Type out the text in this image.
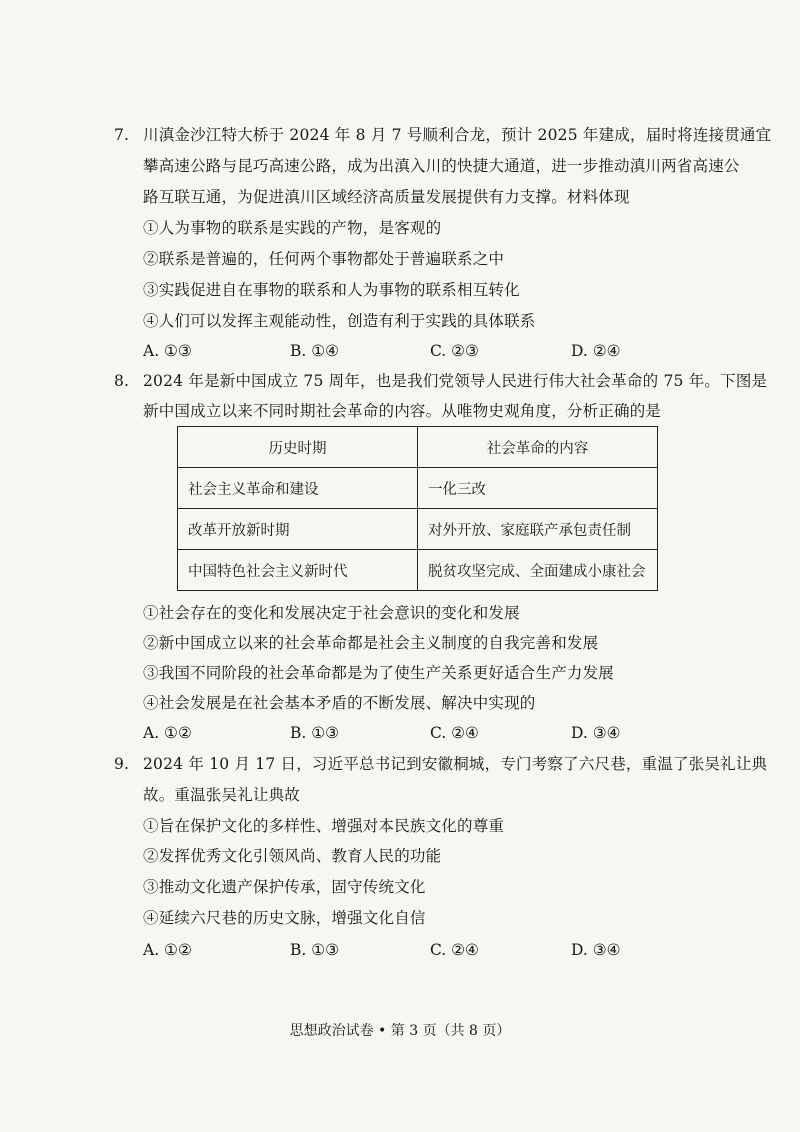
7. 川滇金沙江特大桥于 2024 年 8 月 7 号顺利合龙，预计 2025 年建成，届时将连接贯通宜
攀高速公路与昆巧高速公路，成为出滇入川的快捷大通道，进一步推动滇川两省高速公
路互联互通，为促进滇川区域经济高质量发展提供有力支撑。材料体现
①人为事物的联系是实践的产物，是客观的
②联系是普遍的，任何两个事物都处于普遍联系之中
③实践促进自在事物的联系和人为事物的联系相互转化
④人们可以发挥主观能动性，创造有利于实践的具体联系
A. ①③	B. ①④	C. ②③	D. ②④
8. 2024 年是新中国成立 75 周年，也是我们党领导人民进行伟大社会革命的 75 年。下图是
新中国成立以来不同时期社会革命的内容。从唯物史观角度，分析正确的是
历史时期	社会革命的内容
社会主义革命和建设	一化三改
改革开放新时期	对外开放、家庭联产承包责任制
中国特色社会主义新时代	脱贫攻坚完成、全面建成小康社会
①社会存在的变化和发展决定于社会意识的变化和发展
②新中国成立以来的社会革命都是社会主义制度的自我完善和发展
③我国不同阶段的社会革命都是为了使生产关系更好适合生产力发展
④社会发展是在社会基本矛盾的不断发展、解决中实现的
A. ①②	B. ①③	C. ②④	D. ③④
9. 2024 年 10 月 17 日，习近平总书记到安徽桐城，专门考察了六尺巷，重温了张吴礼让典
故。重温张吴礼让典故
①旨在保护文化的多样性、增强对本民族文化的尊重
②发挥优秀文化引领风尚、教育人民的功能
③推动文化遗产保护传承，固守传统文化
④延续六尺巷的历史文脉，增强文化自信
A. ①②	B. ①③	C. ②④	D. ③④
思想政治试卷 • 第 3 页（共 8 页）
